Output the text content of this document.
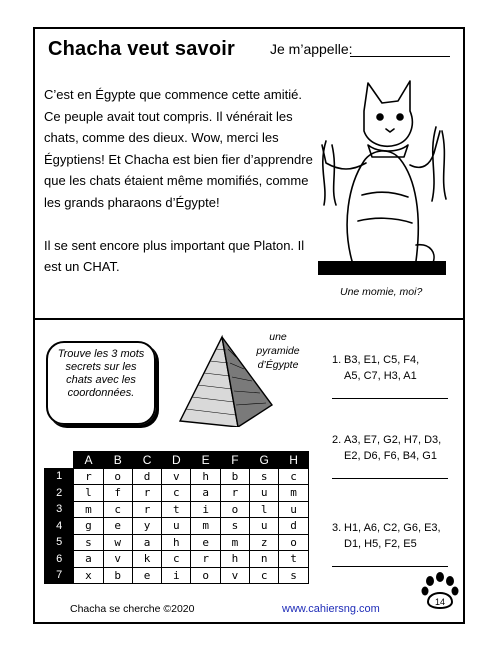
Chacha veut savoir Je m’appelle:

C’est en Égypte que commence cette amitié. Ce peuple avait tout compris. Il vénérait les chats, comme des dieux. Wow, merci les Égyptiens! Et Chacha est bien fier d’apprendre que les chats étaient même momifiés, comme les grands pharaons d’Égypte!

Il se sent encore plus important que Platon. Il est un CHAT.

Une momie, moi?
Trouve les 3 mots secrets sur les chats avec les coordonnées.
une pyramide d’Égypte
	A	B	C	D	E	F	G	H
1	r	o	d	v	h	b	s	c
2	l	f	r	c	a	r	u	m
3	m	c	r	t	i	o	l	u
4	g	e	y	u	m	s	u	d
5	s	w	a	h	e	m	z	o
6	a	v	k	c	r	h	n	t
7	x	b	e	i	o	v	c	s
1. B3, E1, C5, F4,
A5, C7, H3, A1
2. A3, E7, G2, H7, D3,
E2, D6, F6, B4, G1
3. H1, A6, C2, G6, E3,
D1, H5, F2, E5
Chacha se cherche ©2020	www.cahiersng.com
14
